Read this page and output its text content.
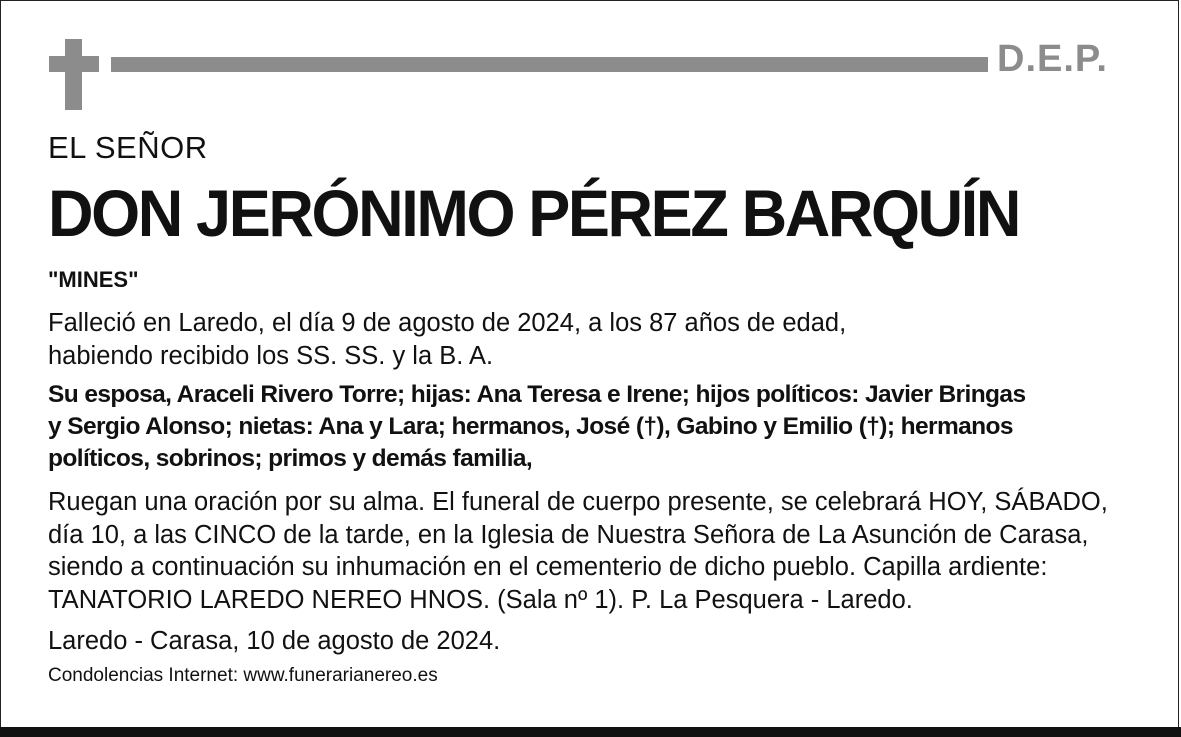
D.E.P.
EL SEÑOR
DON JERÓNIMO PÉREZ BARQUÍN
"MINES"
Falleció en Laredo, el día 9 de agosto de 2024, a los 87 años de edad,
habiendo recibido los SS. SS. y la B. A.
Su esposa, Araceli Rivero Torre; hijas: Ana Teresa e Irene; hijos políticos: Javier Bringas
y Sergio Alonso; nietas: Ana y Lara; hermanos, José (†), Gabino y Emilio (†); hermanos
políticos, sobrinos; primos y demás familia,
Ruegan una oración por su alma. El funeral de cuerpo presente, se celebrará HOY, SÁBADO,
día 10, a las CINCO de la tarde, en la Iglesia de Nuestra Señora de La Asunción de Carasa,
siendo a continuación su inhumación en el cementerio de dicho pueblo. Capilla ardiente:
TANATORIO LAREDO NEREO HNOS. (Sala nº 1). P. La Pesquera - Laredo.
Laredo - Carasa, 10 de agosto de 2024.
Condolencias Internet: www.funerarianereo.es
